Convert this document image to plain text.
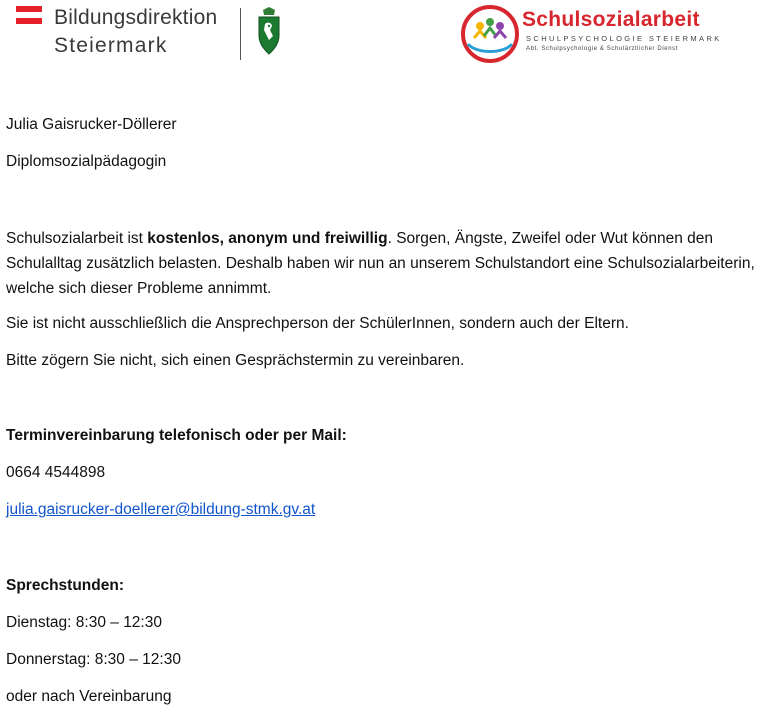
Bildungsdirektion
Steiermark
Schulsozialarbeit
SCHULPSYCHOLOGIE STEIERMARK
Abt. Schulpsychologie & Schulärztlicher Dienst
Julia Gaisrucker-Döllerer
Diplomsozialpädagogin
Schulsozialarbeit ist kostenlos, anonym und freiwillig. Sorgen, Ängste, Zweifel oder Wut können den Schulalltag zusätzlich belasten. Deshalb haben wir nun an unserem Schulstandort eine Schulsozialarbeiterin, welche sich dieser Probleme annimmt.
Sie ist nicht ausschließlich die Ansprechperson der SchülerInnen, sondern auch der Eltern.
Bitte zögern Sie nicht, sich einen Gesprächstermin zu vereinbaren.
Terminvereinbarung telefonisch oder per Mail:
0664 4544898
julia.gaisrucker-doellerer@bildung-stmk.gv.at
Sprechstunden:
Dienstag: 8:30 – 12:30
Donnerstag: 8:30 – 12:30
oder nach Vereinbarung
